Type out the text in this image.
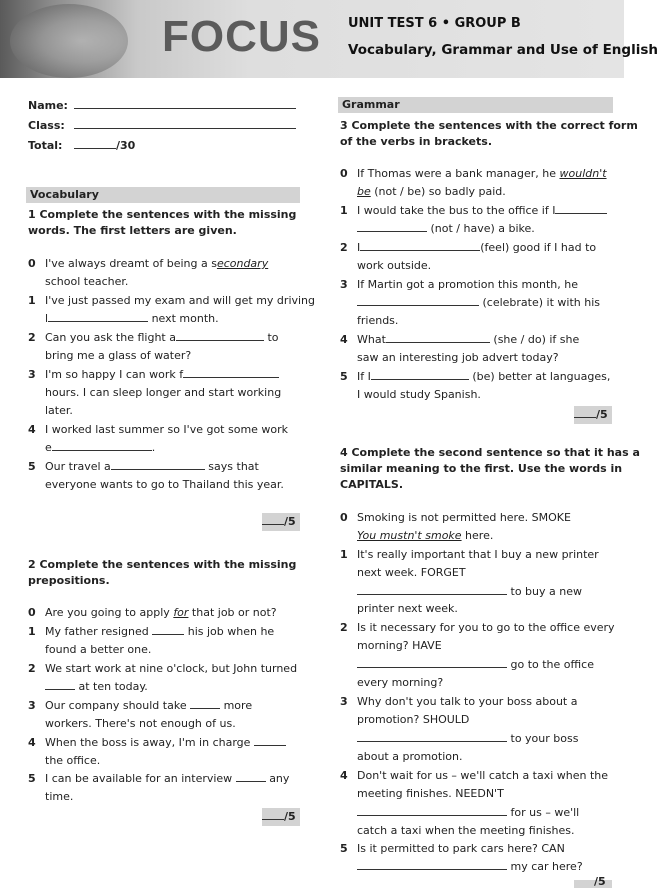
FOCUS UNIT TEST 6 • GROUP B
Vocabulary, Grammar and Use of English
Name:
Class:
Total:	/30
Vocabulary
1 Complete the sentences with the missing
words. The first letters are given.
0 I've always dreamt of being a secondary
school teacher.
1 I've just passed my exam and will get my driving
l	next month.
2 Can you ask the flight a	to
bring me a glass of water?
3 I'm so happy I can work f
hours. I can sleep longer and start working
later.
4 I worked last summer so I've got some work
e	.
5 Our travel a	says that
everyone wants to go to Thailand this year.
/5
2 Complete the sentences with the missing
prepositions.
0 Are you going to apply for that job or not?
1 My father resigned	his job when he
found a better one.
2 We start work at nine o'clock, but John turned
at ten today.
3 Our company should take	more
workers. There's not enough of us.
4 When the boss is away, I'm in charge
the office.
5 I can be available for an interview	any
time.
/5
Grammar
3 Complete the sentences with the correct form
of the verbs in brackets.
0 If Thomas were a bank manager, he wouldn't
be (not / be) so badly paid.
1 I would take the bus to the office if I
(not / have) a bike.
2 I	(feel) good if I had to
work outside.
3 If Martin got a promotion this month, he
(celebrate) it with his
friends.
4 What	(she / do) if she
saw an interesting job advert today?
5 If I	(be) better at languages,
I would study Spanish.
/5
4 Complete the second sentence so that it has a
similar meaning to the first. Use the words in
CAPITALS.
0 Smoking is not permitted here. SMOKE
You mustn't smoke here.
1 It's really important that I buy a new printer
next week. FORGET
to buy a new
printer next week.
2 Is it necessary for you to go to the office every
morning? HAVE
go to the office
every morning?
3 Why don't you talk to your boss about a
promotion? SHOULD
to your boss
about a promotion.
4 Don't wait for us – we'll catch a taxi when the
meeting finishes. NEEDN'T
for us – we'll
catch a taxi when the meeting finishes.
5 Is it permitted to park cars here? CAN
my car here?
/5
